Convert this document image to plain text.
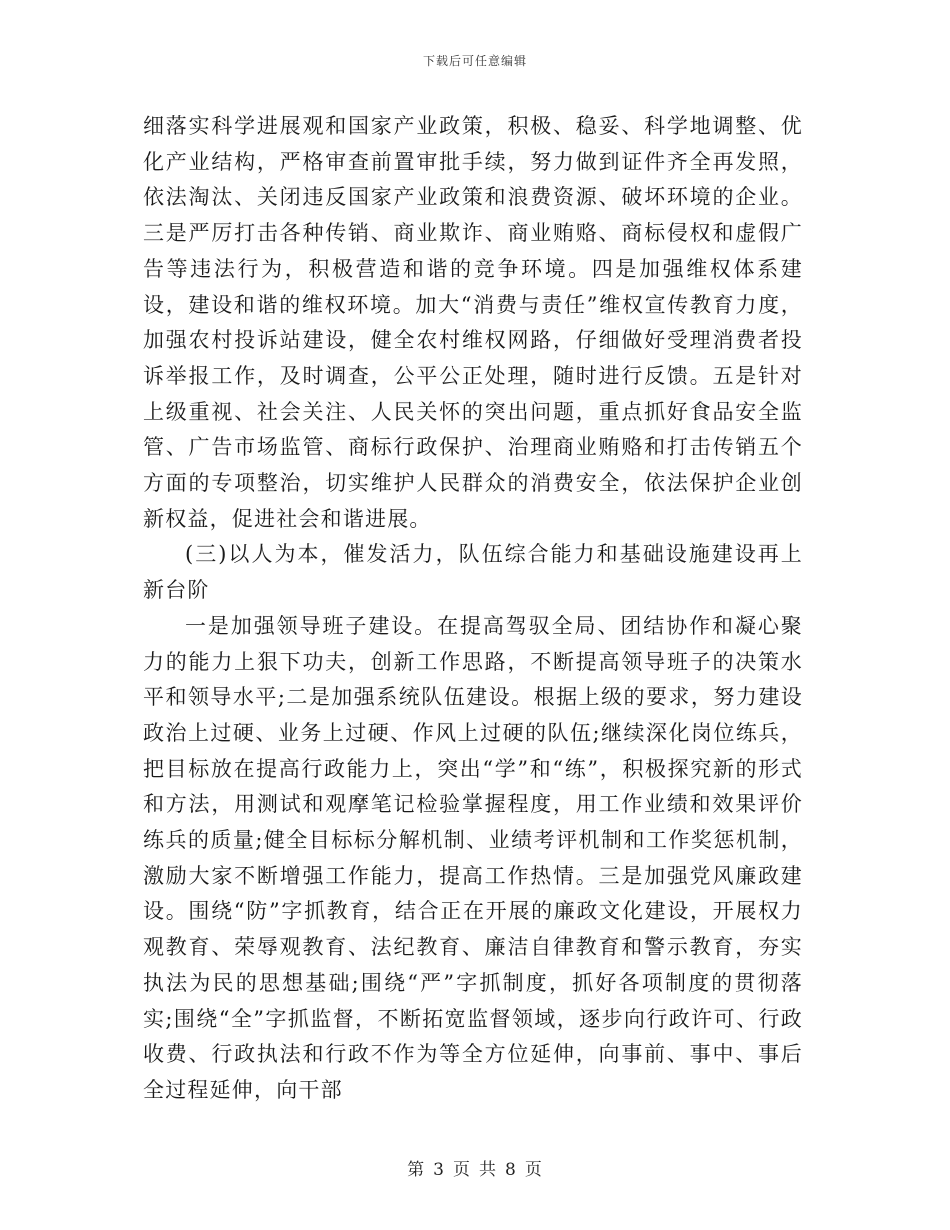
下载后可任意编辑

细落实科学进展观和国家产业政策，积极、稳妥、科学地调整、优化产业结构，严格审查前置审批手续，努力做到证件齐全再发照，依法淘汰、关闭违反国家产业政策和浪费资源、破坏环境的企业。三是严厉打击各种传销、商业欺诈、商业贿赂、商标侵权和虚假广告等违法行为，积极营造和谐的竞争环境。四是加强维权体系建设，建设和谐的维权环境。加大“消费与责任”维权宣传教育力度，加强农村投诉站建设，健全农村维权网路，仔细做好受理消费者投诉举报工作，及时调查，公平公正处理，随时进行反馈。五是针对上级重视、社会关注、人民关怀的突出问题，重点抓好食品安全监管、广告市场监管、商标行政保护、治理商业贿赂和打击传销五个方面的专项整治，切实维护人民群众的消费安全，依法保护企业创新权益，促进社会和谐进展。

(三)以人为本，催发活力，队伍综合能力和基础设施建设再上新台阶

一是加强领导班子建设。在提高驾驭全局、团结协作和凝心聚力的能力上狠下功夫，创新工作思路，不断提高领导班子的决策水平和领导水平;二是加强系统队伍建设。根据上级的要求，努力建设政治上过硬、业务上过硬、作风上过硬的队伍;继续深化岗位练兵，把目标放在提高行政能力上，突出“学”和“练”，积极探究新的形式和方法，用测试和观摩笔记检验掌握程度，用工作业绩和效果评价练兵的质量;健全目标标分解机制、业绩考评机制和工作奖惩机制，激励大家不断增强工作能力，提高工作热情。三是加强党风廉政建设。围绕“防”字抓教育，结合正在开展的廉政文化建设，开展权力观教育、荣辱观教育、法纪教育、廉洁自律教育和警示教育，夯实执法为民的思想基础;围绕“严”字抓制度，抓好各项制度的贯彻落实;围绕“全”字抓监督，不断拓宽监督领域，逐步向行政许可、行政收费、行政执法和行政不作为等全方位延伸，向事前、事中、事后全过程延伸，向干部

第 3 页 共 8 页
